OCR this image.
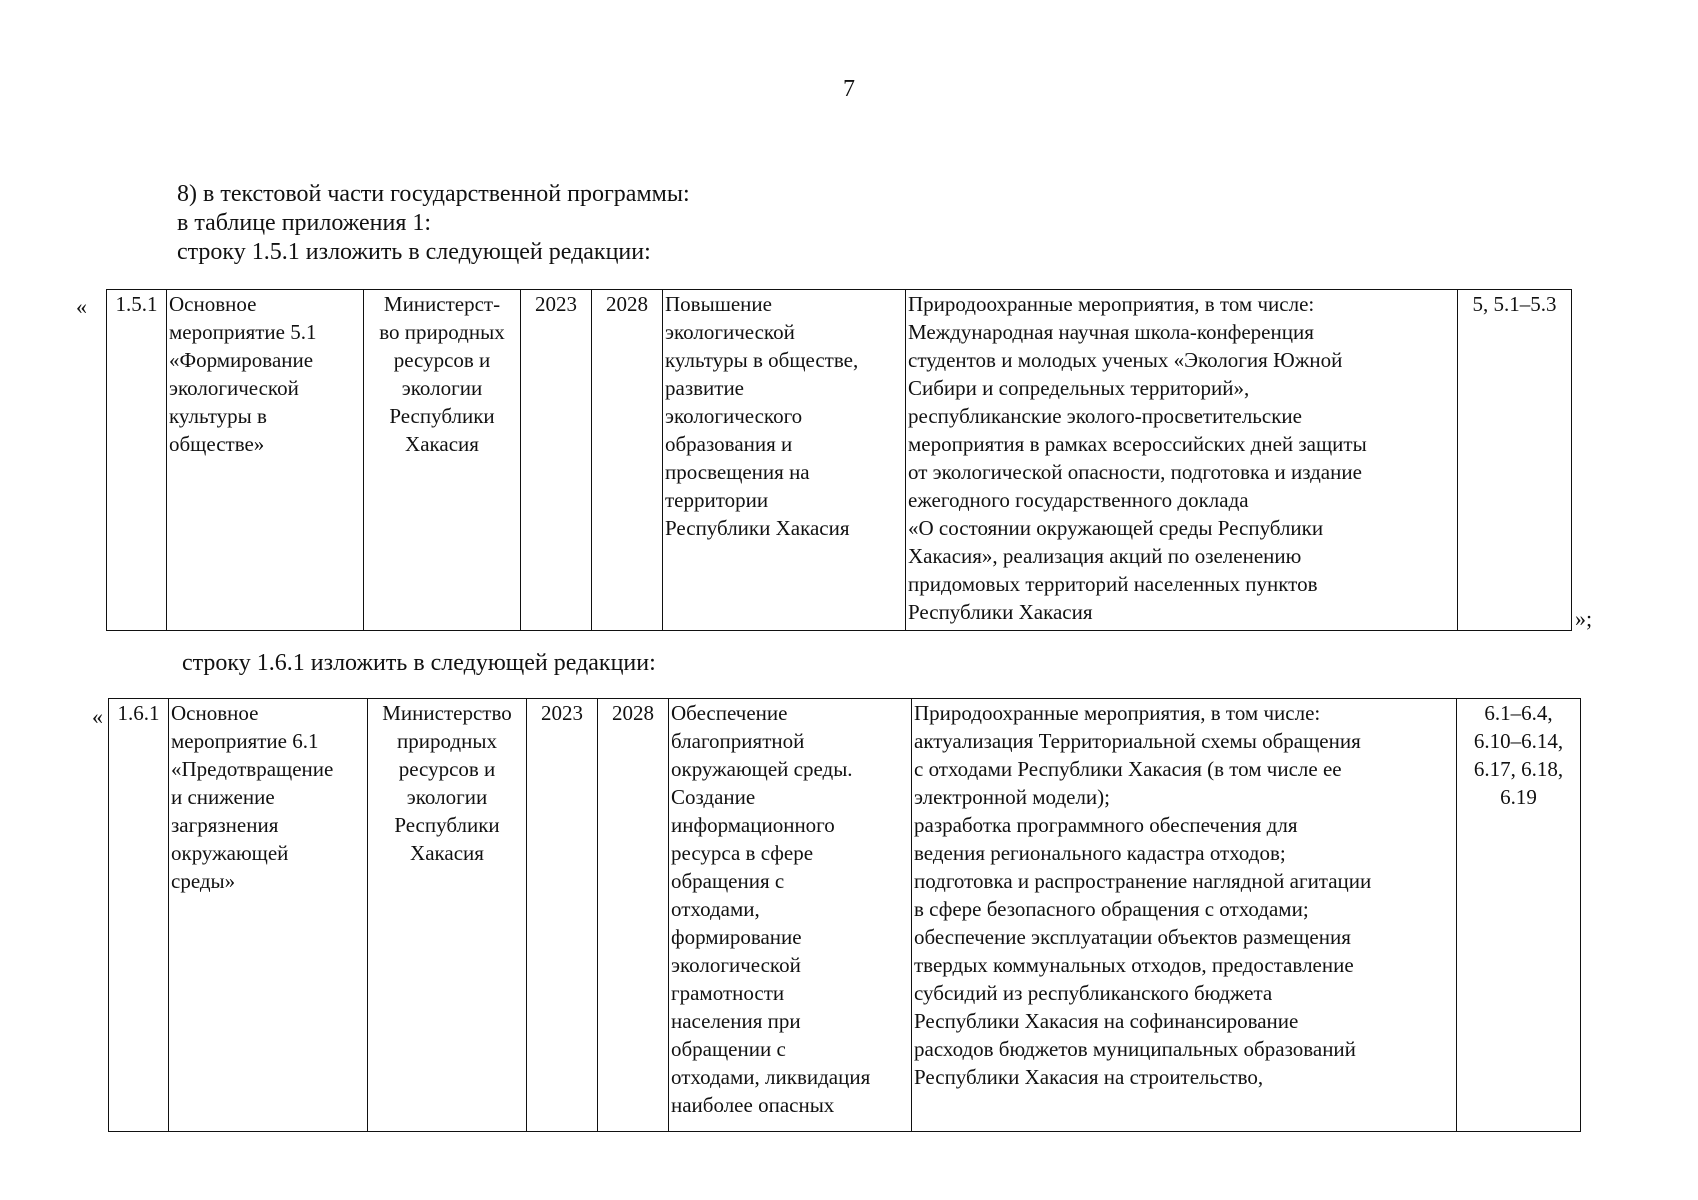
7
8) в текстовой части государственной программы:
в таблице приложения 1:
строку 1.5.1 изложить в следующей редакции:
« 1.5.1	Основное
мероприятие 5.1
«Формирование
экологической
культуры в
обществе»	Министерст-
во природных
ресурсов и
экологии
Республики
Хакасия	2023	2028	Повышение
экологической
культуры в обществе,
развитие
экологического
образования и
просвещения на
территории
Республики Хакасия	Природоохранные мероприятия, в том числе:
Международная научная школа-конференция
студентов и молодых ученых «Экология Южной
Сибири и сопредельных территорий»,
республиканские эколого-просветительские
мероприятия в рамках всероссийских дней защиты
от экологической опасности, подготовка и издание
ежегодного государственного доклада
«О состоянии окружающей среды Республики
Хакасия», реализация акций по озеленению
придомовых территорий населенных пунктов
Республики Хакасия	5, 5.1–5.3
»;
строку 1.6.1 изложить в следующей редакции:
« 1.6.1	Основное
мероприятие 6.1
«Предотвращение
и снижение
загрязнения
окружающей
среды»	Министерство
природных
ресурсов и
экологии
Республики
Хакасия	2023	2028	Обеспечение
благоприятной
окружающей среды.
Создание
информационного
ресурса в сфере
обращения с
отходами,
формирование
экологической
грамотности
населения при
обращении с
отходами, ликвидация
наиболее опасных	Природоохранные мероприятия, в том числе:
актуализация Территориальной схемы обращения
с отходами Республики Хакасия (в том числе ее
электронной модели);
разработка программного обеспечения для
ведения регионального кадастра отходов;
подготовка и распространение наглядной агитации
в сфере безопасного обращения с отходами;
обеспечение эксплуатации объектов размещения
твердых коммунальных отходов, предоставление
субсидий из республиканского бюджета
Республики Хакасия на софинансирование
расходов бюджетов муниципальных образований
Республики Хакасия на строительство,	6.1–6.4,
6.10–6.14,
6.17, 6.18,
6.19
